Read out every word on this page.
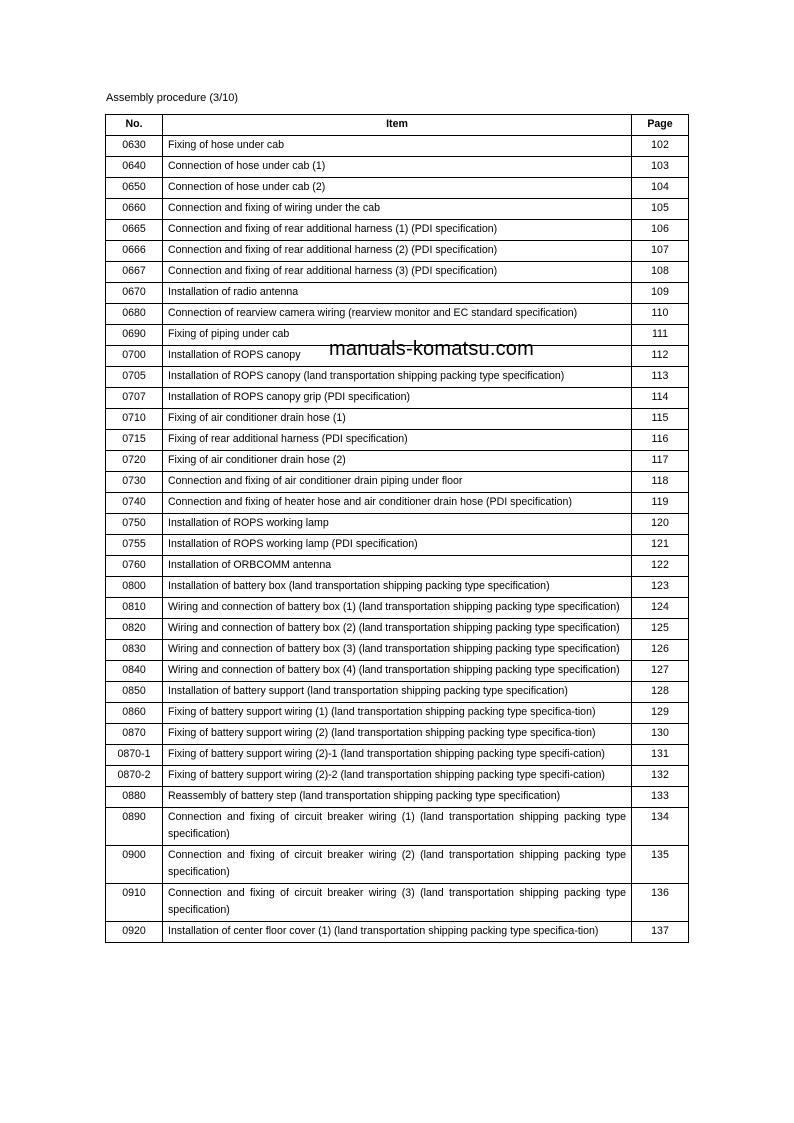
Assembly procedure (3/10)
No.	Item	Page
0630	Fixing of hose under cab	102
0640	Connection of hose under cab (1)	103
0650	Connection of hose under cab (2)	104
0660	Connection and fixing of wiring under the cab	105
0665	Connection and fixing of rear additional harness (1) (PDI specification)	106
0666	Connection and fixing of rear additional harness (2) (PDI specification)	107
0667	Connection and fixing of rear additional harness (3) (PDI specification)	108
0670	Installation of radio antenna	109
0680	Connection of rearview camera wiring (rearview monitor and EC standard specification)	110
0690	Fixing of piping under cab	111
0700	Installation of ROPS canopy	112
0705	Installation of ROPS canopy (land transportation shipping packing type specification)	113
0707	Installation of ROPS canopy grip (PDI specification)	114
0710	Fixing of air conditioner drain hose (1)	115
0715	Fixing of rear additional harness (PDI specification)	116
0720	Fixing of air conditioner drain hose (2)	117
0730	Connection and fixing of air conditioner drain piping under floor	118
0740	Connection and fixing of heater hose and air conditioner drain hose (PDI specification)	119
0750	Installation of ROPS working lamp	120
0755	Installation of ROPS working lamp (PDI specification)	121
0760	Installation of ORBCOMM antenna	122
0800	Installation of battery box (land transportation shipping packing type specification)	123
0810	Wiring and connection of battery box (1) (land transportation shipping packing type specification)	124
0820	Wiring and connection of battery box (2) (land transportation shipping packing type specification)	125
0830	Wiring and connection of battery box (3) (land transportation shipping packing type specification)	126
0840	Wiring and connection of battery box (4) (land transportation shipping packing type specification)	127
0850	Installation of battery support (land transportation shipping packing type specification)	128
0860	Fixing of battery support wiring (1) (land transportation shipping packing type specifica-tion)	129
0870	Fixing of battery support wiring (2) (land transportation shipping packing type specifica-tion)	130
0870-1	Fixing of battery support wiring (2)-1 (land transportation shipping packing type specifi-cation)	131
0870-2	Fixing of battery support wiring (2)-2 (land transportation shipping packing type specifi-cation)	132
0880	Reassembly of battery step (land transportation shipping packing type specification)	133
0890	Connection and fixing of circuit breaker wiring (1) (land transportation shipping packing type specification)	134
0900	Connection and fixing of circuit breaker wiring (2) (land transportation shipping packing type specification)	135
0910	Connection and fixing of circuit breaker wiring (3) (land transportation shipping packing type specification)	136
0920	Installation of center floor cover (1) (land transportation shipping packing type specifica-tion)	137
manuals-komatsu.com
